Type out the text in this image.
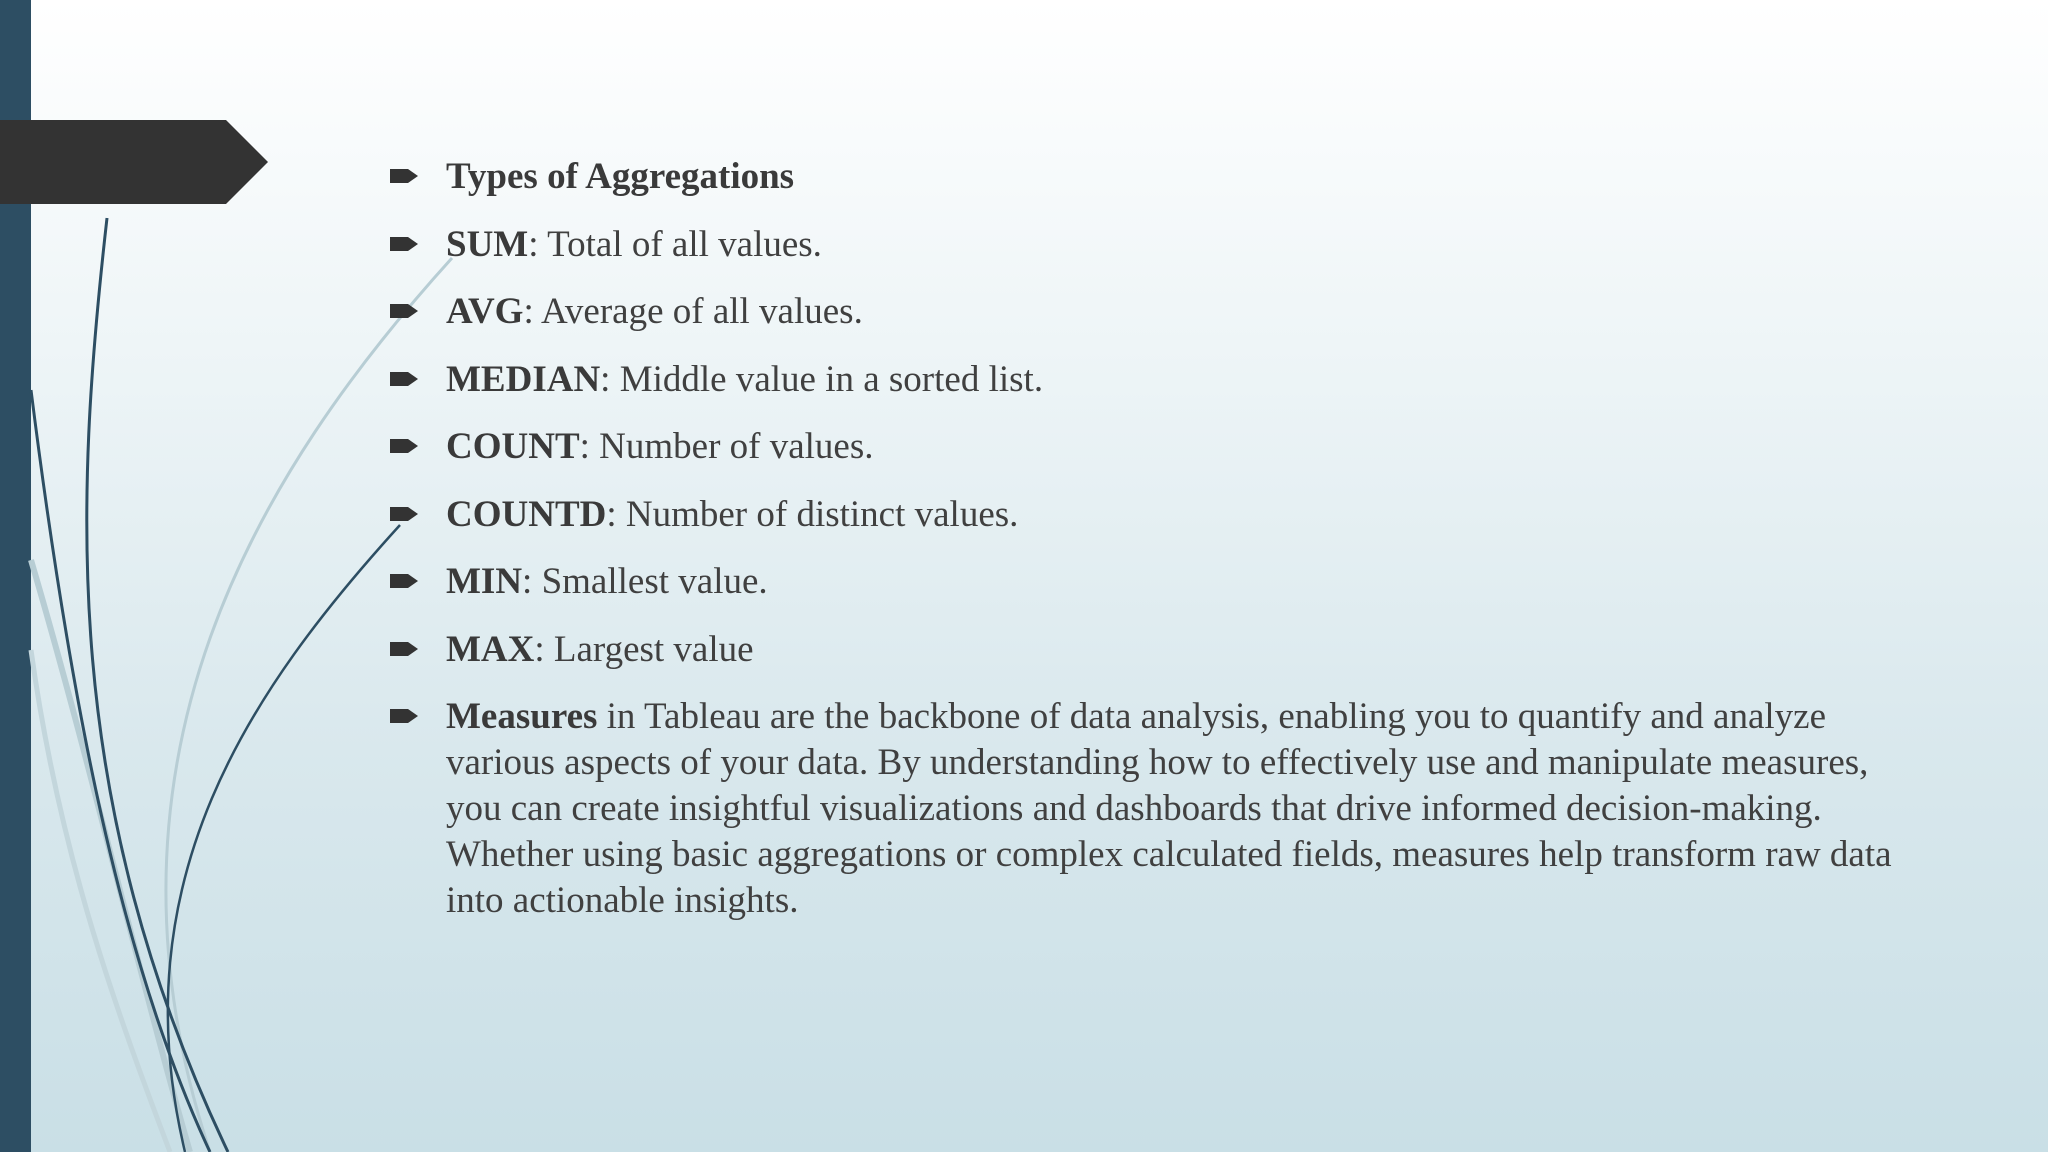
Types of Aggregations
SUM: Total of all values.
AVG: Average of all values.
MEDIAN: Middle value in a sorted list.
COUNT: Number of values.
COUNTD: Number of distinct values.
MIN: Smallest value.
MAX: Largest value
Measures in Tableau are the backbone of data analysis, enabling you to quantify and analyze various aspects of your data. By understanding how to effectively use and manipulate measures, you can create insightful visualizations and dashboards that drive informed decision-making. Whether using basic aggregations or complex calculated fields, measures help transform raw data into actionable insights.
